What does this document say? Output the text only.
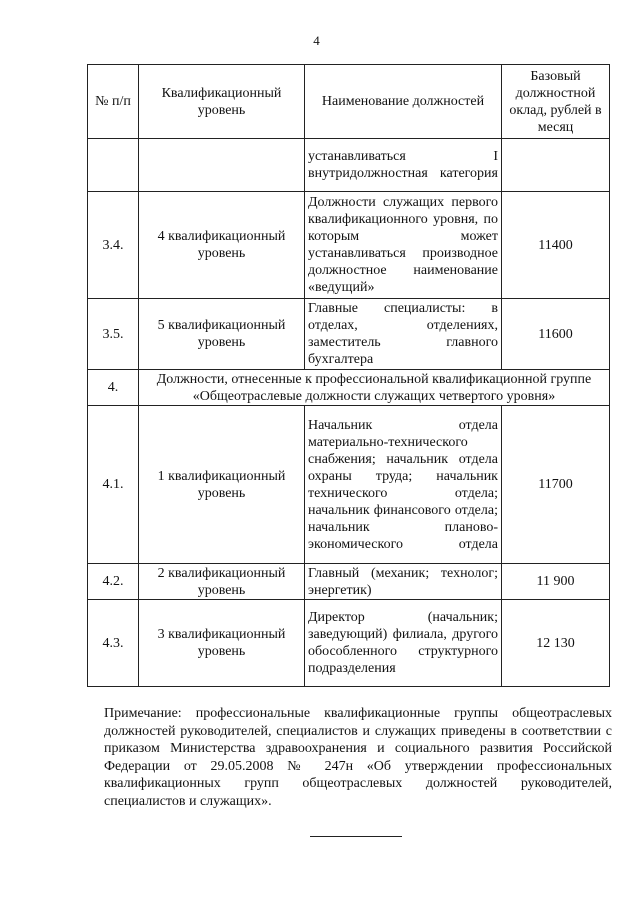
4
№ п/п	Квалификационный уровень	Наименование должностей	Базовый должностной оклад, рублей в месяц
		устанавливаться I внутридолжностная категория	
3.4.	4 квалификационный уровень	Должности служащих первого квалификационного уровня, по которым может устанавливаться производное должностное наименование «ведущий»	11400
3.5.	5 квалификационный уровень	Главные специалисты: в отделах, отделениях, заместитель главного бухгалтера	11600
4.	Должности, отнесенные к профессиональной квалификационной группе «Общеотраслевые должности служащих четвертого уровня»		
4.1.	1 квалификационный уровень	Начальник отдела материально-технического снабжения; начальник отдела охраны труда; начальник технического отдела; начальник финансового отдела; начальник планово-экономического отдела	11700
4.2.	2 квалификационный уровень	Главный (механик; технолог; энергетик)	11 900
4.3.	3 квалификационный уровень	Директор (начальник; заведующий) филиала, другого обособленного структурного подразделения	12 130
Примечание: профессиональные квалификационные группы общеотраслевых должностей руководителей, специалистов и служащих приведены в соответствии с приказом Министерства здравоохранения и социального развития Российской Федерации от 29.05.2008 № 247н «Об утверждении профессиональных квалификационных групп общеотраслевых должностей руководителей, специалистов и служащих».
